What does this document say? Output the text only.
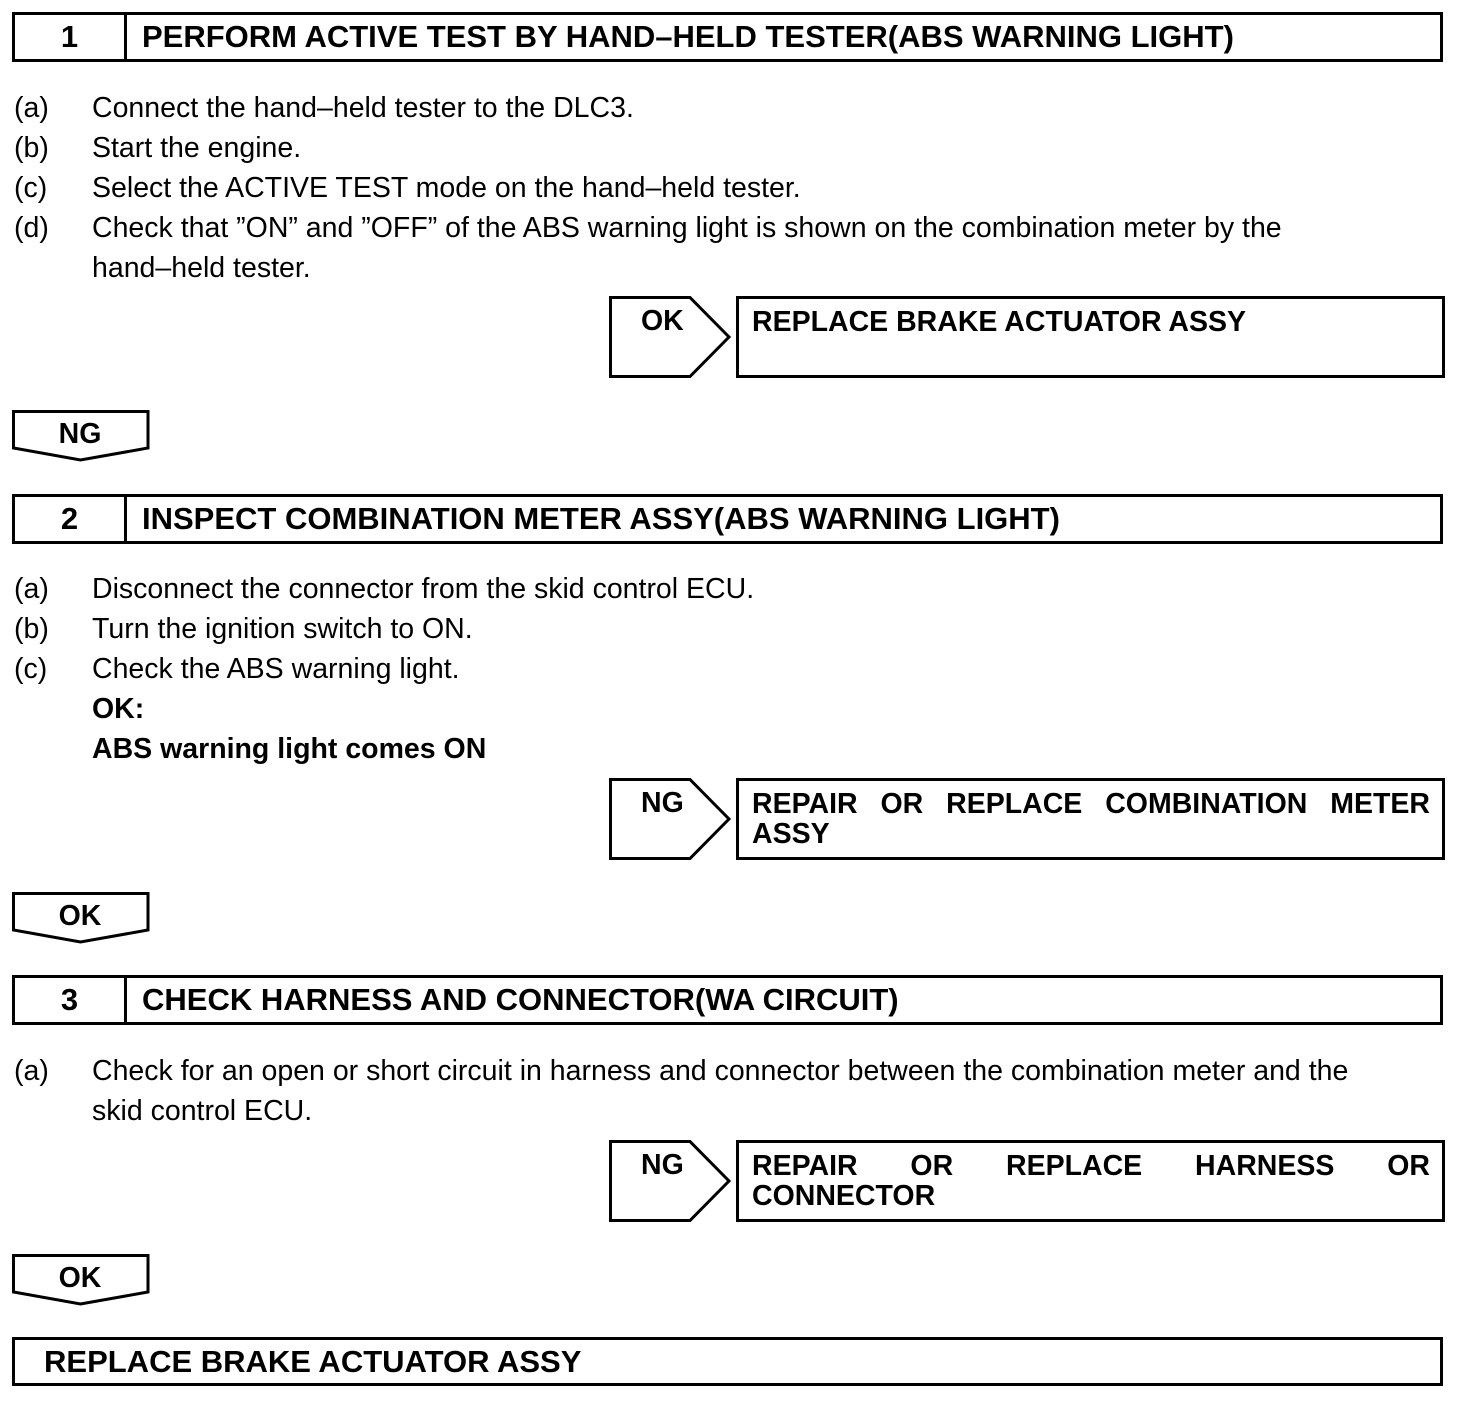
1	PERFORM ACTIVE TEST BY HAND–HELD TESTER(ABS WARNING LIGHT)
(a) Connect the hand–held tester to the DLC3.
(b) Start the engine.
(c) Select the ACTIVE TEST mode on the hand–held tester.
(d) Check that ”ON” and ”OFF” of the ABS warning light is shown on the combination meter by the
hand–held tester.
OK REPLACE BRAKE ACTUATOR ASSY
NG
2	INSPECT COMBINATION METER ASSY(ABS WARNING LIGHT)
(a) Disconnect the connector from the skid control ECU.
(b) Turn the ignition switch to ON.
(c) Check the ABS warning light.
OK:
ABS warning light comes ON
NG REPAIR OR REPLACE COMBINATION METER
ASSY
OK
3	CHECK HARNESS AND CONNECTOR(WA CIRCUIT)
(a) Check for an open or short circuit in harness and connector between the combination meter and the
skid control ECU.
NG REPAIR OR REPLACE HARNESS OR
CONNECTOR
OK
REPLACE BRAKE ACTUATOR ASSY
